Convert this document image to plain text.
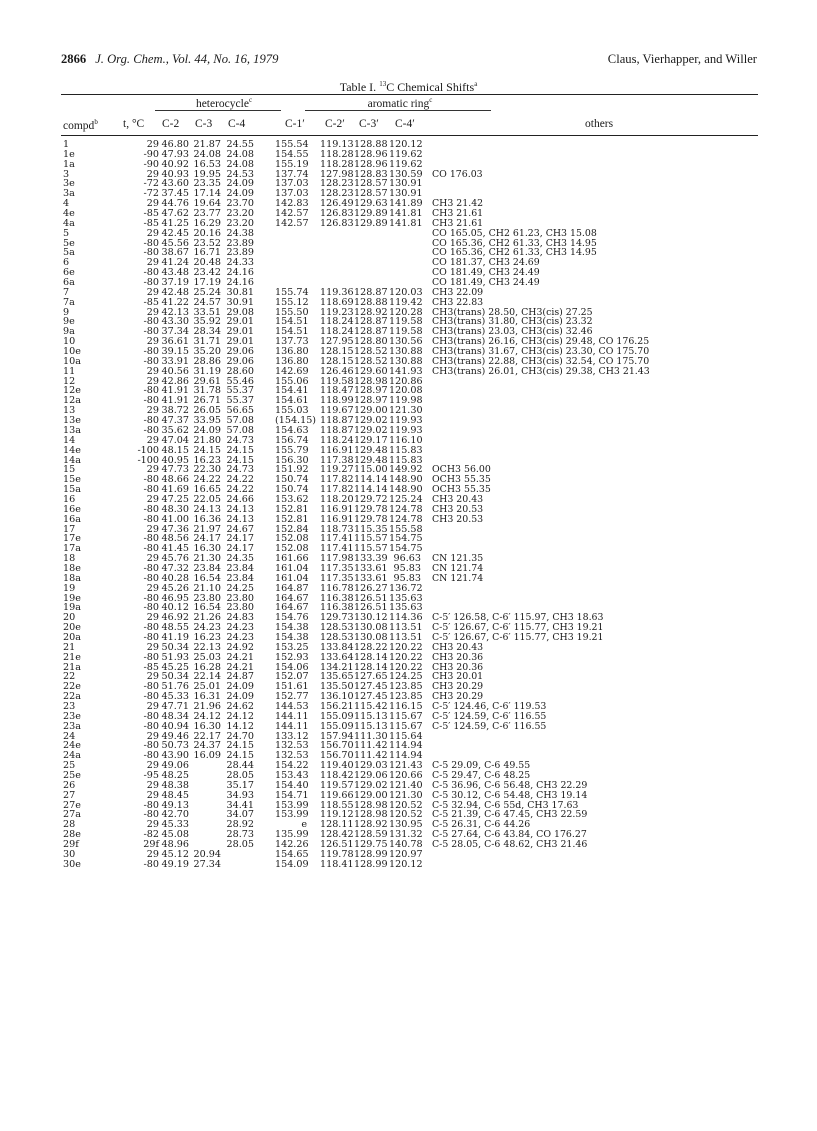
2866 J. Org. Chem., Vol. 44, No. 16, 1979	Claus, Vierhapper, and Willer
Table I. $^{13}$C Chemical Shifts$^a$
heterocycle$^c$	aromatic ring$^c$
compd$^b$ t, °C C-2 C-3 C-4	C-1′ C-2′ C-3′ C-4′	others
1	29 46.80 21.87 24.55 155.54 119.13 128.88 120.12
1e	-90 47.93 24.08 24.08 154.55 118.28 128.96 119.62
1a	-90 40.92 16.53 24.08 155.19 118.28 128.96 119.62
3	29 40.93 19.95 24.53 137.74 127.98 128.83 130.59 CO 176.03
3e	-72 43.60 23.35 24.09 137.03 128.23 128.57 130.91
3a	-72 37.45 17.14 24.09 137.03 128.23 128.57 130.91
4	29 44.76 19.64 23.70 142.83 126.49 129.63 141.89 CH3 21.42
4e	-85 47.62 23.77 23.20 142.57 126.83 129.89 141.81 CH3 21.61
4a	-85 41.25 16.29 23.20 142.57 126.83 129.89 141.81 CH3 21.61
5	29 42.45 20.16 24.38	CO 165.05, CH2 61.23, CH3 15.08
5e	-80 45.56 23.52 23.89	CO 165.36, CH2 61.33, CH3 14.95
5a	-80 38.67 16.71 23.89	CO 165.36, CH2 61.33, CH3 14.95
6	29 41.24 20.48 24.33	CO 181.37, CH3 24.69
6e	-80 43.48 23.42 24.16	CO 181.49, CH3 24.49
6a	-80 37.19 17.19 24.16	CO 181.49, CH3 24.49
7	29 42.48 25.24 30.81 155.74 119.36 128.87 120.03 CH3 22.09
7a	-85 41.22 24.57 30.91 155.12 118.69 128.88 119.42 CH3 22.83
9	29 42.13 33.51 29.08 155.50 119.23 128.92 120.28 CH3(trans) 28.50, CH3(cis) 27.25
9e	-80 43.30 35.92 29.01 154.51 118.24 128.87 119.58 CH3(trans) 31.80, CH3(cis) 23.32
9a	-80 37.34 28.34 29.01 154.51 118.24 128.87 119.58 CH3(trans) 23.03, CH3(cis) 32.46
10	29 36.61 31.71 29.01 137.73 127.95 128.80 130.56 CH3(trans) 26.16, CH3(cis) 29.48, CO 176.25
10e	-80 39.15 35.20 29.06 136.80 128.15 128.52 130.88 CH3(trans) 31.67, CH3(cis) 23.30, CO 175.70
10a	-80 33.91 28.86 29.06 136.80 128.15 128.52 130.88 CH3(trans) 22.88, CH3(cis) 32.54, CO 175.70
11	29 40.56 31.19 28.60 142.69 126.46 129.60 141.93 CH3(trans) 26.01, CH3(cis) 29.38, CH3 21.43
12	29 42.86 29.61 55.46 155.06 119.58 128.98 120.86
12e	-80 41.91 31.78 55.37 154.41 118.47 128.97 120.08
12a	-80 41.91 26.71 55.37 154.61 118.99 128.97 119.98
13	29 38.72 26.05 56.65 155.03 119.67 129.00 121.30
13e	-80 47.37 33.95 57.08 (154.15) 118.87 129.02 119.93
13a	-80 35.62 24.09 57.08 154.63 118.87 129.02 119.93
14	29 47.04 21.80 24.73 156.74 118.24 129.17 116.10
14e	-100 48.15 24.15 24.15 155.79 116.91 129.48 115.83
14a	-100 40.95 16.23 24.15 156.30 117.38 129.48 115.83
15	29 47.73 22.30 24.73 151.92 119.27 115.00 149.92 OCH3 56.00
15e	-80 48.66 24.22 24.22 150.74 117.82 114.14 148.90 OCH3 55.35
15a	-80 41.69 16.65 24.22 150.74 117.82 114.14 148.90 OCH3 55.35
16	29 47.25 22.05 24.66 153.62 118.20 129.72 125.24 CH3 20.43
16e	-80 48.30 24.13 24.13 152.81 116.91 129.78 124.78 CH3 20.53
16a	-80 41.00 16.36 24.13 152.81 116.91 129.78 124.78 CH3 20.53
17	29 47.36 21.97 24.67 152.84 118.73 115.35 155.58
17e	-80 48.56 24.17 24.17 152.08 117.41 115.57 154.75
17a	-80 41.45 16.30 24.17 152.08 117.41 115.57 154.75
18	29 45.76 21.30 24.35 161.66 117.98 133.39 96.63 CN 121.35
18e	-80 47.32 23.84 23.84 161.04 117.35 133.61 95.83 CN 121.74
18a	-80 40.28 16.54 23.84 161.04 117.35 133.61 95.83 CN 121.74
19	29 45.26 21.10 24.25 164.87 116.78 126.27 136.72
19e	-80 46.95 23.80 23.80 164.67 116.38 126.51 135.63
19a	-80 40.12 16.54 23.80 164.67 116.38 126.51 135.63
20	29 46.92 21.26 24.83 154.76 129.73 130.12 114.36 C-5′ 126.58, C-6′ 115.97, CH3 18.63
20e	-80 48.55 24.23 24.23 154.38 128.53 130.08 113.51 C-5′ 126.67, C-6′ 115.77, CH3 19.21
20a	-80 41.19 16.23 24.23 154.38 128.53 130.08 113.51 C-5′ 126.67, C-6′ 115.77, CH3 19.21
21	29 50.34 22.13 24.92 153.25 133.84 128.22 120.22 CH3 20.43
21e	-80 51.93 25.03 24.21 152.93 133.64 128.14 120.22 CH3 20.36
21a	-85 45.25 16.28 24.21 154.06 134.21 128.14 120.22 CH3 20.36
22	29 50.34 22.14 24.87 152.07 135.65 127.65 124.25 CH3 20.01
22e	-80 51.76 25.01 24.09 151.61 135.50 127.45 123.85 CH3 20.29
22a	-80 45.33 16.31 24.09 152.77 136.10 127.45 123.85 CH3 20.29
23	29 47.71 21.96 24.62 144.53 156.21 115.42 116.15 C-5′ 124.46, C-6′ 119.53
23e	-80 48.34 24.12 24.12 144.11 155.09 115.13 115.67 C-5′ 124.59, C-6′ 116.55
23a	-80 40.94 16.30 14.12 144.11 155.09 115.13 115.67 C-5′ 124.59, C-6′ 116.55
24	29 49.46 22.17 24.70 133.12 157.94 111.30 115.64
24e	-80 50.73 24.37 24.15 132.53 156.70 111.42 114.94
24a	-80 43.90 16.09 24.15 132.53 156.70 111.42 114.94
25	29 49.06	28.44 154.22 119.40 129.03 121.43 C-5 29.09, C-6 49.55
25e	-95 48.25	28.05 153.43 118.42 129.06 120.66 C-5 29.47, C-6 48.25
26	29 48.38	35.17 154.40 119.57 129.02 121.40 C-5 36.96, C-6 56.48, CH3 22.29
27	29 48.45	34.93 154.71 119.66 129.00 121.30 C-5 30.12, C-6 54.48, CH3 19.14
27e	-80 49.13	34.41 153.99 118.55 128.98 120.52 C-5 32.94, C-6 55d, CH3 17.63
27a	-80 42.70	34.07 153.99 119.12 128.98 120.52 C-5 21.39, C-6 47.45, CH3 22.59
28	29 45.33	28.92	e 128.11 128.92 130.95 C-5 26.31, C-6 44.26
28e	-82 45.08	28.73 135.99 128.42 128.59 131.32 C-5 27.64, C-6 43.84, CO 176.27
29f	29f 48.96	28.05 142.26 126.51 129.75 140.78 C-5 28.05, C-6 48.62, CH3 21.46
30	29 45.12 20.94	154.65 119.78 128.99 120.97
30e	-80 49.19 27.34	154.09 118.41 128.99 120.12
